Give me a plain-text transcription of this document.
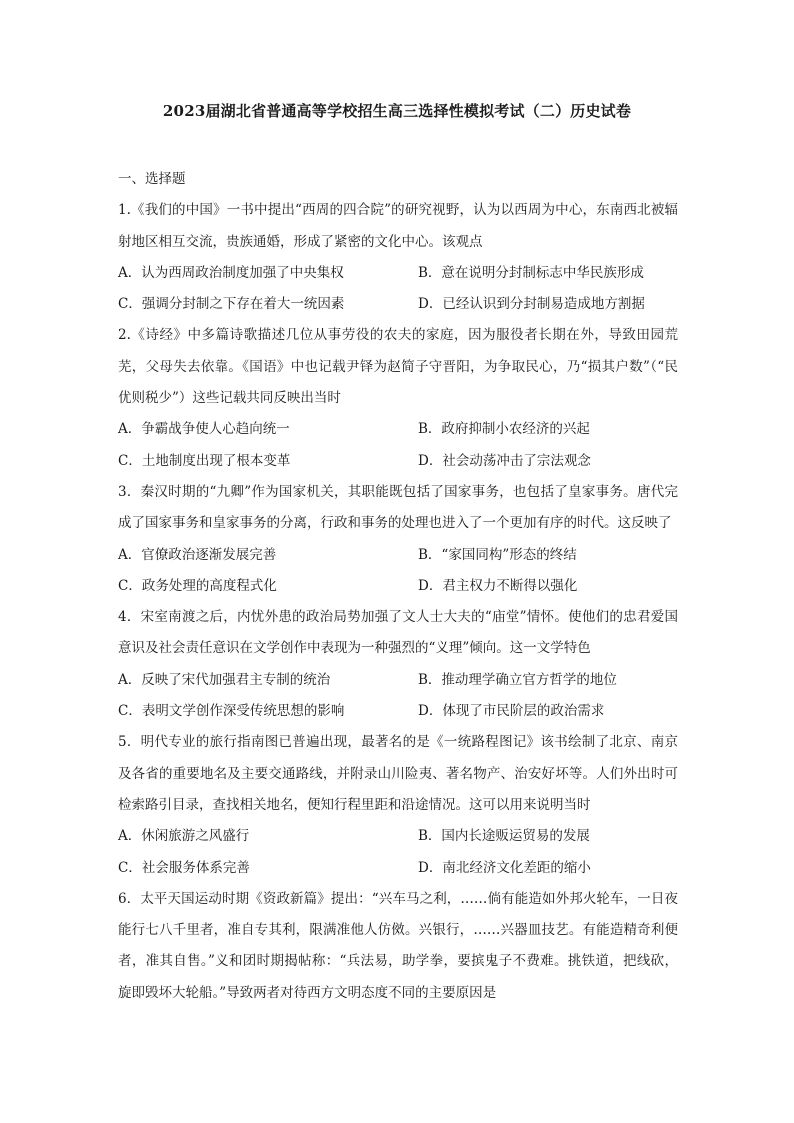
2023届湖北省普通高等学校招生高三选择性模拟考试（二）历史试卷
一、选择题
1.《我们的中国》一书中提出“西周的四合院”的研究视野，认为以西周为中心，东南西北被辐射地区相互交流，贵族通婚，形成了紧密的文化中心。该观点
A．认为西周政治制度加强了中央集权	B．意在说明分封制标志中华民族形成
C．强调分封制之下存在着大一统因素	D．已经认识到分封制易造成地方割据
2.《诗经》中多篇诗歌描述几位从事劳役的农夫的家庭，因为服役者长期在外，导致田园荒芜，父母失去依靠。《国语》中也记载尹铎为赵简子守晋阳，为争取民心，乃“损其户数”（“民优则税少”）这些记载共同反映出当时
A．争霸战争使人心趋向统一	B．政府抑制小农经济的兴起
C．土地制度出现了根本变革	D．社会动荡冲击了宗法观念
3．秦汉时期的“九卿”作为国家机关，其职能既包括了国家事务，也包括了皇家事务。唐代完成了国家事务和皇家事务的分离，行政和事务的处理也进入了一个更加有序的时代。这反映了
A．官僚政治逐渐发展完善	B．“家国同构”形态的终结
C．政务处理的高度程式化	D．君主权力不断得以强化
4．宋室南渡之后，内忧外患的政治局势加强了文人士大夫的“庙堂”情怀。使他们的忠君爱国意识及社会责任意识在文学创作中表现为一种强烈的“义理”倾向。这一文学特色
A．反映了宋代加强君主专制的统治	B．推动理学确立官方哲学的地位
C．表明文学创作深受传统思想的影响	D．体现了市民阶层的政治需求
5．明代专业的旅行指南图已普遍出现，最著名的是《一统路程图记》该书绘制了北京、南京及各省的重要地名及主要交通路线，并附录山川险夷、著名物产、治安好坏等。人们外出时可检索路引目录，查找相关地名，便知行程里距和沿途情况。这可以用来说明当时
A．休闲旅游之风盛行	B．国内长途贩运贸易的发展
C．社会服务体系完善	D．南北经济文化差距的缩小
6．太平天国运动时期《资政新篇》提出：“兴车马之利，……倘有能造如外邦火轮车，一日夜能行七八千里者，准自专其利，限满准他人仿傚。兴银行，……兴器皿技艺。有能造精奇利便者，准其自售。”义和团时期揭帖称：“兵法易，助学拳，要摈鬼子不费难。挑铁道，把线砍，旋即毁坏大轮船。”导致两者对待西方文明态度不同的主要原因是
